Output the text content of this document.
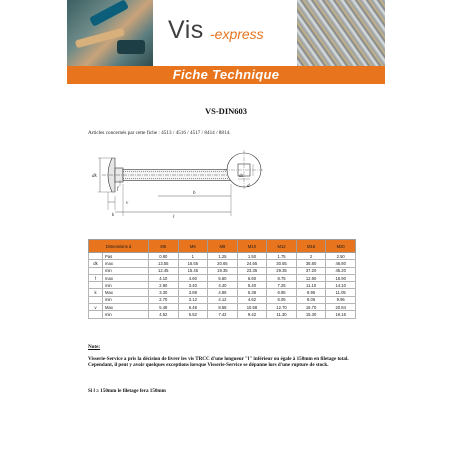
Vis -express
Fiche Technique
VS-DIN603
Articles concernés par cette fiche : 4513 / 4516 / 4517 / 8414 / 8814.
dk
k
f
v
ds
b
l
d
Dimensions d		M5	M6	M8	M10	M12	M16	M20
	Pas	0.80	1	1.25	1.50	1.75	2	2.50
dk	max	13.55	16.55	20.65	24.65	30.65	38.80	46.80
	min	12.45	15.45	19.35	23.35	29.35	37.20	45.20
f	max	4.10	4.60	5.60	6.60	8.75	12.90	15.90
	min	2.90	3.40	4.40	5.40	7.25	11.10	14.10
k	Max	3.30	3.88	4.88	5.38	6.95	8.95	11.05
	min	2.70	3.12	4.12	4.62	6.05	8.05	9.95
v	Max	5.48	6.48	8.58	10.58	12.70	16.70	20.84
	min	4.52	5.52	7.42	9.42	11.30	15.30	19.16
Note:
Visserie-Service a pris la décision de livrer les vis TRCC d'une longueur "l" inférieur ou égale à 150mm en filetage total. Cependant, il peut y avoir quelques exceptions lorsque Visserie-Service se dépanne lors d'une rupture de stock.
Si l ≥ 150mm le filetage fera 150mm
